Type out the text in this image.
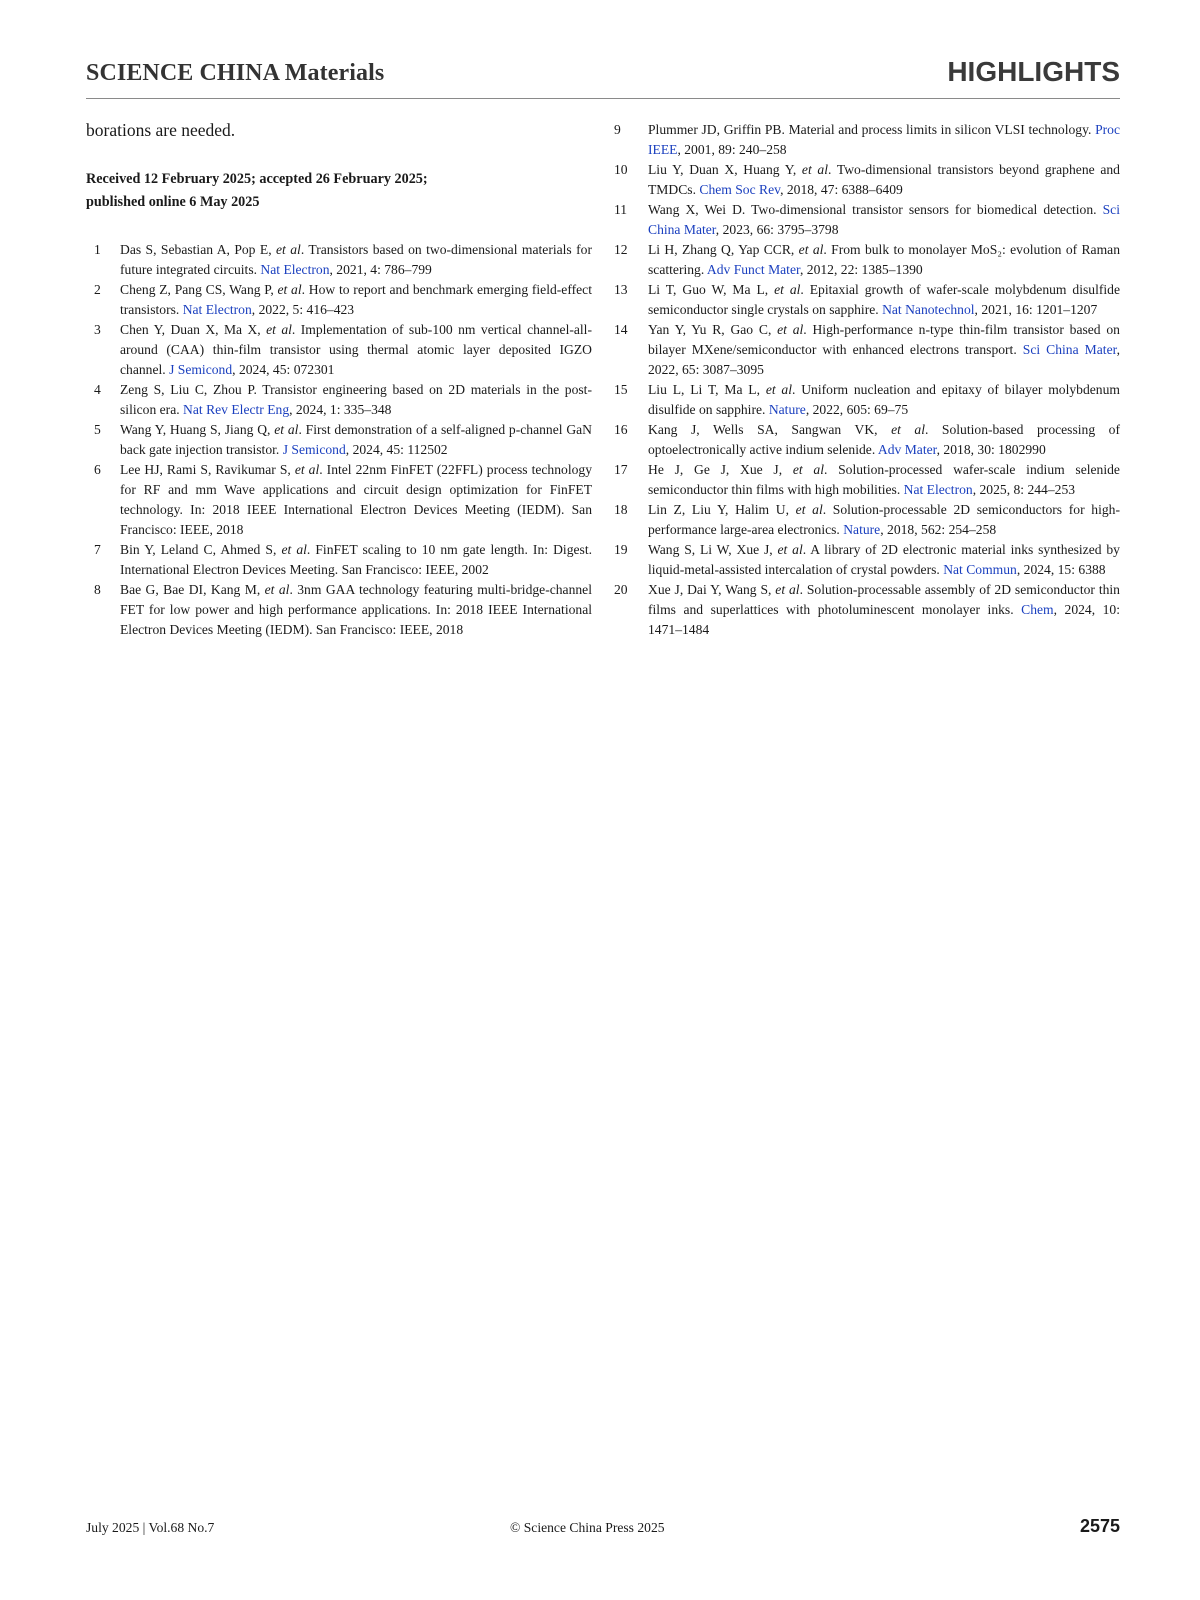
SCIENCE CHINA Materials	HIGHLIGHTS

borations are needed.

Received 12 February 2025; accepted 26 February 2025;
published online 6 May 2025
1	Das S, Sebastian A, Pop E, et al. Transistors based on two-dimensional materials for future integrated circuits. Nat Electron, 2021, 4: 786–799
2	Cheng Z, Pang CS, Wang P, et al. How to report and benchmark emerging field-effect transistors. Nat Electron, 2022, 5: 416–423
3	Chen Y, Duan X, Ma X, et al. Implementation of sub-100 nm vertical channel-all-around (CAA) thin-film transistor using thermal atomic layer deposited IGZO channel. J Semicond, 2024, 45: 072301
4	Zeng S, Liu C, Zhou P. Transistor engineering based on 2D materials in the post-silicon era. Nat Rev Electr Eng, 2024, 1: 335–348
5	Wang Y, Huang S, Jiang Q, et al. First demonstration of a self-aligned p-channel GaN back gate injection transistor. J Semicond, 2024, 45: 112502
6	Lee HJ, Rami S, Ravikumar S, et al. Intel 22nm FinFET (22FFL) process technology for RF and mm Wave applications and circuit design optimization for FinFET technology. In: 2018 IEEE International Electron Devices Meeting (IEDM). San Francisco: IEEE, 2018
7	Bin Y, Leland C, Ahmed S, et al. FinFET scaling to 10 nm gate length. In: Digest. International Electron Devices Meeting. San Francisco: IEEE, 2002
8	Bae G, Bae DI, Kang M, et al. 3nm GAA technology featuring multi-bridge-channel FET for low power and high performance applications. In: 2018 IEEE International Electron Devices Meeting (IEDM). San Francisco: IEEE, 2018
9	Plummer JD, Griffin PB. Material and process limits in silicon VLSI technology. Proc IEEE, 2001, 89: 240–258
10	Liu Y, Duan X, Huang Y, et al. Two-dimensional transistors beyond graphene and TMDCs. Chem Soc Rev, 2018, 47: 6388–6409
11	Wang X, Wei D. Two-dimensional transistor sensors for biomedical detection. Sci China Mater, 2023, 66: 3795–3798
12	Li H, Zhang Q, Yap CCR, et al. From bulk to monolayer MoS₂: evolution of Raman scattering. Adv Funct Mater, 2012, 22: 1385–1390
13	Li T, Guo W, Ma L, et al. Epitaxial growth of wafer-scale molybdenum disulfide semiconductor single crystals on sapphire. Nat Nanotechnol, 2021, 16: 1201–1207
14	Yan Y, Yu R, Gao C, et al. High-performance n-type thin-film transistor based on bilayer MXene/semiconductor with enhanced electrons transport. Sci China Mater, 2022, 65: 3087–3095
15	Liu L, Li T, Ma L, et al. Uniform nucleation and epitaxy of bilayer molybdenum disulfide on sapphire. Nature, 2022, 605: 69–75
16	Kang J, Wells SA, Sangwan VK, et al. Solution-based processing of optoelectronically active indium selenide. Adv Mater, 2018, 30: 1802990
17	He J, Ge J, Xue J, et al. Solution-processed wafer-scale indium selenide semiconductor thin films with high mobilities. Nat Electron, 2025, 8: 244–253
18	Lin Z, Liu Y, Halim U, et al. Solution-processable 2D semiconductors for high-performance large-area electronics. Nature, 2018, 562: 254–258
19	Wang S, Li W, Xue J, et al. A library of 2D electronic material inks synthesized by liquid-metal-assisted intercalation of crystal powders. Nat Commun, 2024, 15: 6388
20	Xue J, Dai Y, Wang S, et al. Solution-processable assembly of 2D semiconductor thin films and superlattices with photoluminescent monolayer inks. Chem, 2024, 10: 1471–1484
July 2025 | Vol.68 No.7	© Science China Press 2025	2575
